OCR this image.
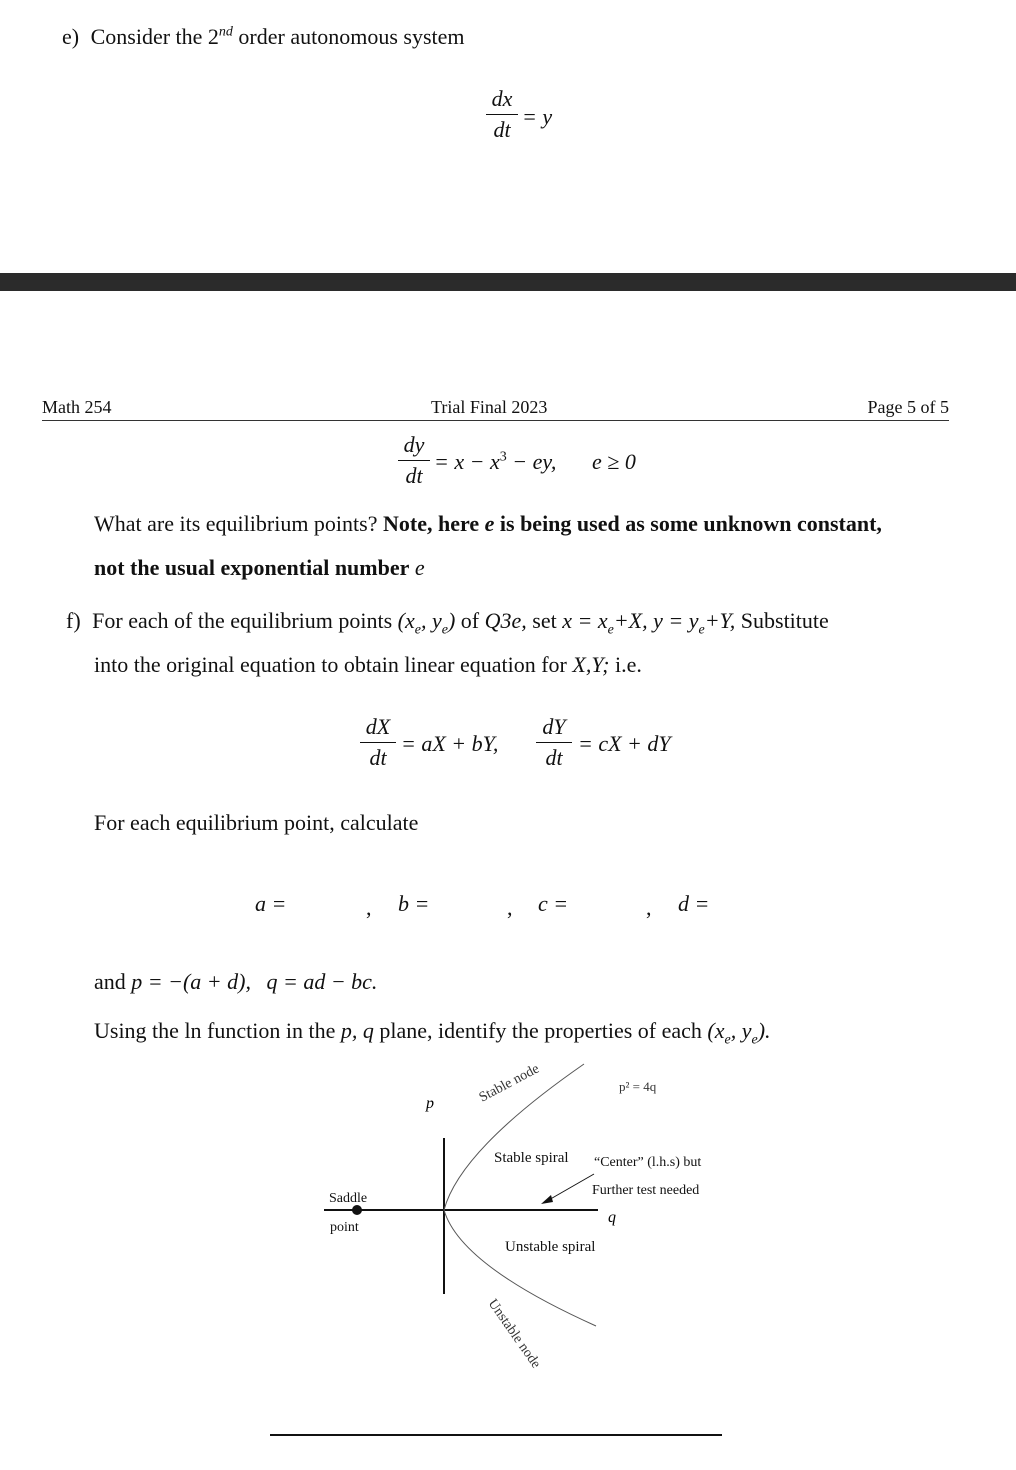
e) Consider the 2nd order autonomous system
dx
dt
= y
Math 254	Trial Final 2023	Page 5 of 5
dy
dt
= $x - x^3$ − ey, e ≥ 0
What are its equilibrium points? Note, here e is being used as some unknown constant,
not the usual exponential number e
f) For each of the equilibrium points ($x_e$, $y_e$) of Q3e, set $x = x_e+X$, $y = y_e+Y$, Substitute
into the original equation to obtain linear equation for X,Y; i.e.
dX
dt
= aX + bY,
dY
dt
= cX + dY
For each equilibrium point, calculate
a =	, b =	, c =	, d =
and p = −(a + d), q = ad − bc.
Using the ln function in the p, q plane, identify the properties of each ($x_e$, $y_e$).
p
q
Stable node
Unstable node
Stable spiral
Unstable spiral
p² = 4q
“Center” (l.h.s) but
Further test needed
Saddle
point
